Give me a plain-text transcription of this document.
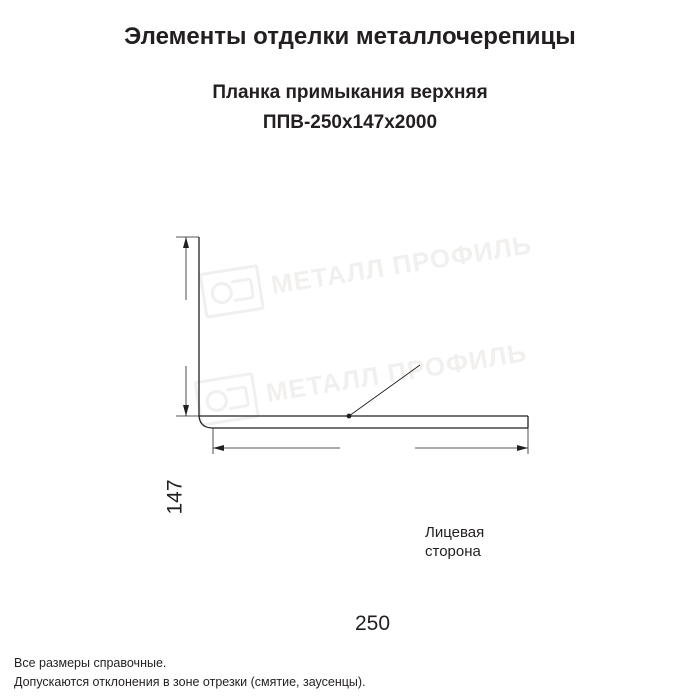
Элементы отделки металлочерепицы
Планка примыкания верхняя
ППВ-250х147х2000
МЕТАЛЛ ПРОФИЛЬ
МЕТАЛЛ ПРОФИЛЬ
147
250
Лицевая
сторона
Все размеры справочные.
Допускаются отклонения в зоне отрезки (смятие, заусенцы).
